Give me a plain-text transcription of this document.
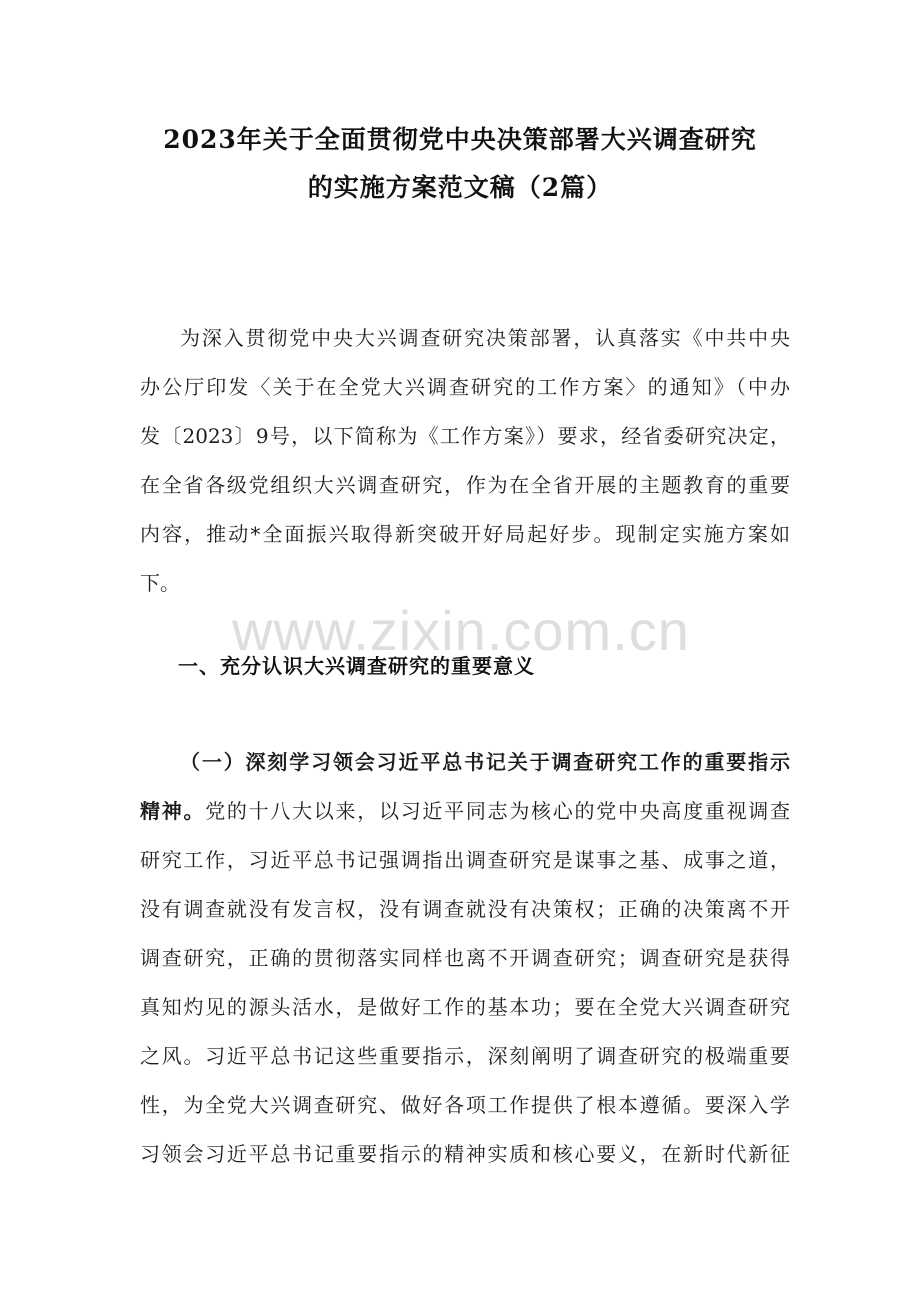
2023年关于全面贯彻党中央决策部署大兴调查研究
的实施方案范文稿（2篇）
为深入贯彻党中央大兴调查研究决策部署，认真落实《中共中央
办公厅印发〈关于在全党大兴调查研究的工作方案〉的通知》（中办
发〔2023〕9号，以下简称为《工作方案》）要求，经省委研究决定，
在全省各级党组织大兴调查研究，作为在全省开展的主题教育的重要
内容，推动*全面振兴取得新突破开好局起好步。现制定实施方案如
下。
www.zixin.com.cn
一、充分认识大兴调查研究的重要意义
（一）深刻学习领会习近平总书记关于调查研究工作的重要指示
精神。党的十八大以来，以习近平同志为核心的党中央高度重视调查
研究工作，习近平总书记强调指出调查研究是谋事之基、成事之道，
没有调查就没有发言权，没有调查就没有决策权；正确的决策离不开
调查研究，正确的贯彻落实同样也离不开调查研究；调查研究是获得
真知灼见的源头活水，是做好工作的基本功；要在全党大兴调查研究
之风。习近平总书记这些重要指示，深刻阐明了调查研究的极端重要
性，为全党大兴调查研究、做好各项工作提供了根本遵循。要深入学
习领会习近平总书记重要指示的精神实质和核心要义，在新时代新征
